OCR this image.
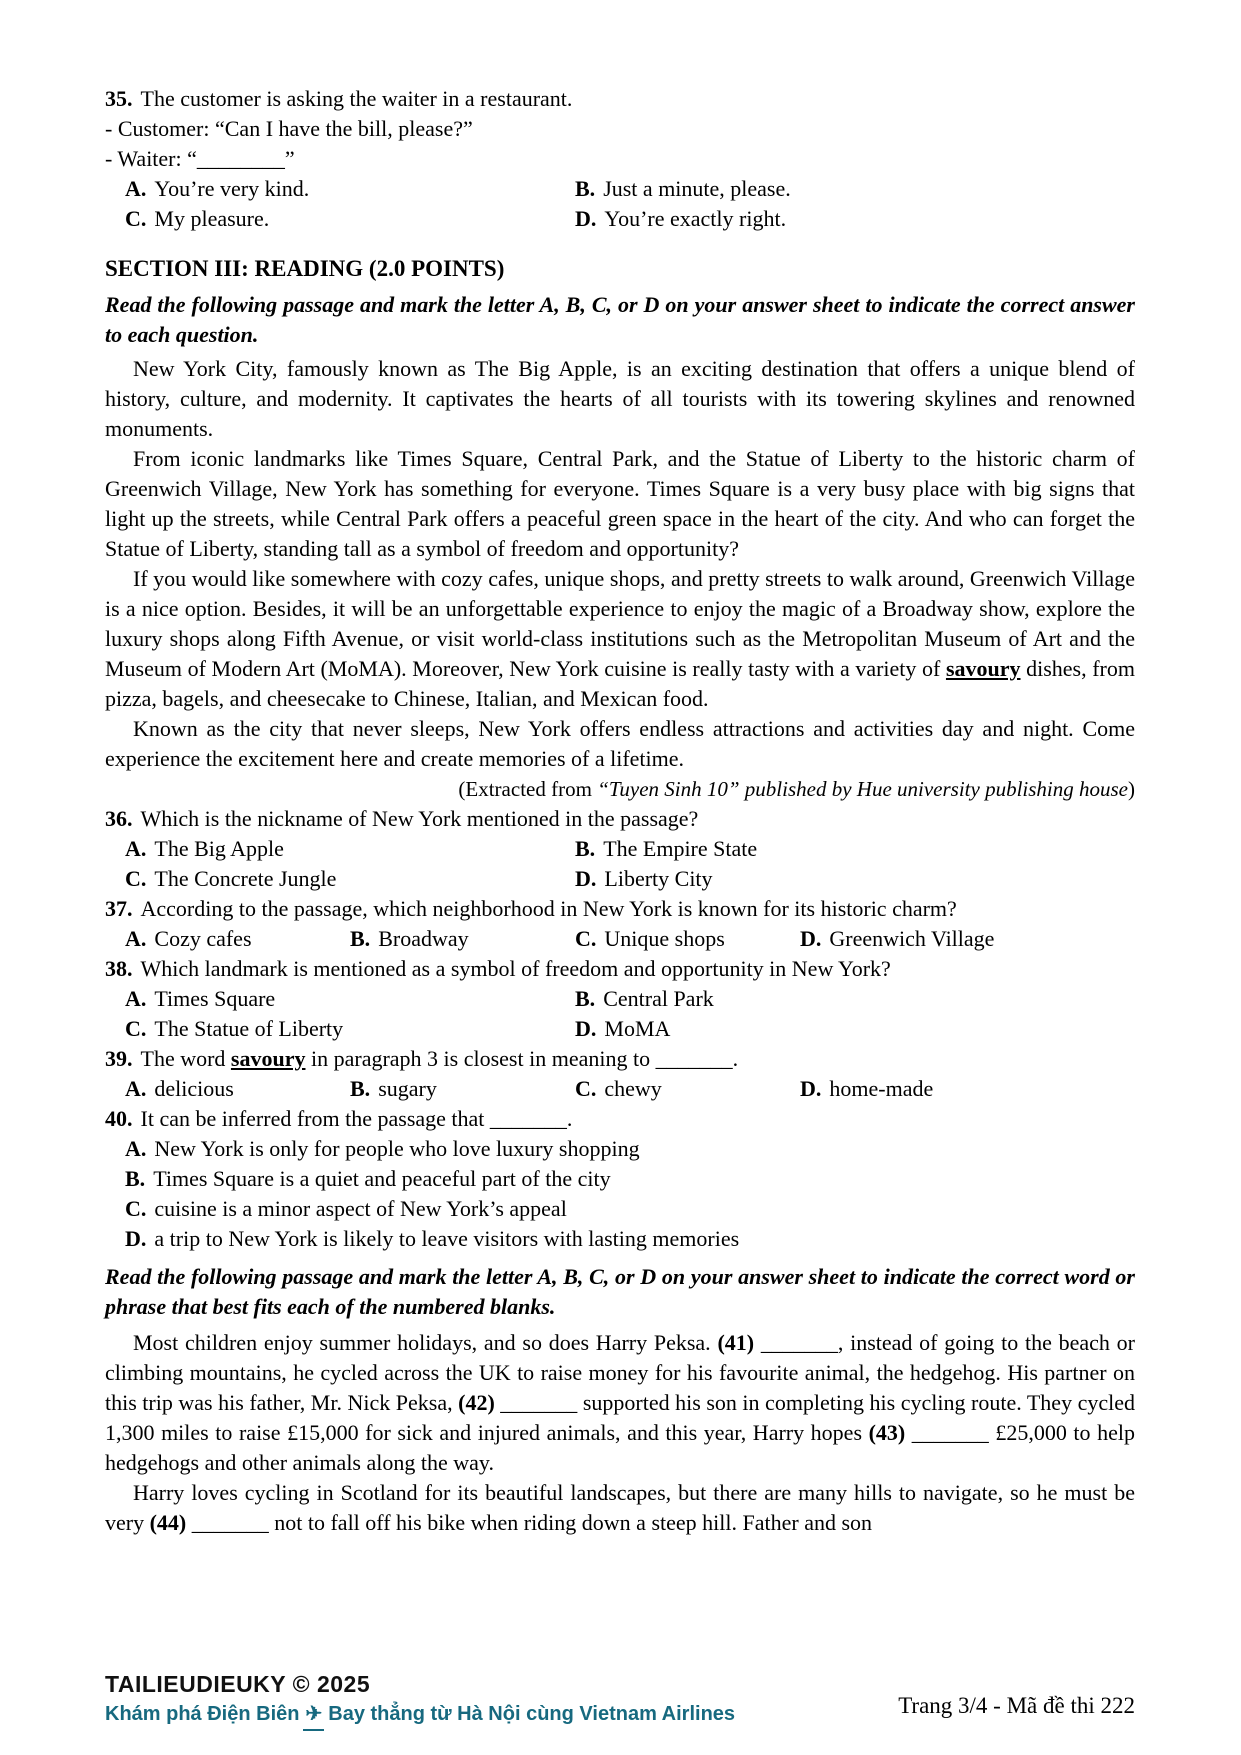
35. The customer is asking the waiter in a restaurant.
- Customer: “Can I have the bill, please?”
- Waiter: “________”
A. You’re very kind.	B. Just a minute, please.
C. My pleasure.	D. You’re exactly right.
SECTION III: READING (2.0 POINTS)
Read the following passage and mark the letter A, B, C, or D on your answer sheet to indicate the correct answer to each question.

New York City, famously known as The Big Apple, is an exciting destination that offers a unique blend of history, culture, and modernity. It captivates the hearts of all tourists with its towering skylines and renowned monuments.

From iconic landmarks like Times Square, Central Park, and the Statue of Liberty to the historic charm of Greenwich Village, New York has something for everyone. Times Square is a very busy place with big signs that light up the streets, while Central Park offers a peaceful green space in the heart of the city. And who can forget the Statue of Liberty, standing tall as a symbol of freedom and opportunity?

If you would like somewhere with cozy cafes, unique shops, and pretty streets to walk around, Greenwich Village is a nice option. Besides, it will be an unforgettable experience to enjoy the magic of a Broadway show, explore the luxury shops along Fifth Avenue, or visit world-class institutions such as the Metropolitan Museum of Art and the Museum of Modern Art (MoMA). Moreover, New York cuisine is really tasty with a variety of savoury dishes, from pizza, bagels, and cheesecake to Chinese, Italian, and Mexican food.

Known as the city that never sleeps, New York offers endless attractions and activities day and night. Come experience the excitement here and create memories of a lifetime.

(Extracted from “Tuyen Sinh 10” published by Hue university publishing house)
36. Which is the nickname of New York mentioned in the passage?
A. The Big Apple	B. The Empire State
C. The Concrete Jungle	D. Liberty City
37. According to the passage, which neighborhood in New York is known for its historic charm?
A. Cozy cafes	B. Broadway	C. Unique shops	D. Greenwich Village
38. Which landmark is mentioned as a symbol of freedom and opportunity in New York?
A. Times Square	B. Central Park
C. The Statue of Liberty	D. MoMA
39. The word savoury in paragraph 3 is closest in meaning to _______.
A. delicious	B. sugary	C. chewy	D. home-made
40. It can be inferred from the passage that _______.
A. New York is only for people who love luxury shopping
B. Times Square is a quiet and peaceful part of the city
C. cuisine is a minor aspect of New York’s appeal
D. a trip to New York is likely to leave visitors with lasting memories
Read the following passage and mark the letter A, B, C, or D on your answer sheet to indicate the correct word or phrase that best fits each of the numbered blanks.

Most children enjoy summer holidays, and so does Harry Peksa. (41) _______, instead of going to the beach or climbing mountains, he cycled across the UK to raise money for his favourite animal, the hedgehog. His partner on this trip was his father, Mr. Nick Peksa, (42) _______ supported his son in completing his cycling route. They cycled 1,300 miles to raise £15,000 for sick and injured animals, and this year, Harry hopes (43) _______ £25,000 to help hedgehogs and other animals along the way.

Harry loves cycling in Scotland for its beautiful landscapes, but there are many hills to navigate, so he must be very (44) _______ not to fall off his bike when riding down a steep hill. Father and son

TAILIEUDIEUKY © 2025
Khám phá Điện Biên ✈ Bay thẳng từ Hà Nội cùng Vietnam Airlines	Trang 3/4 - Mã đề thi 222
